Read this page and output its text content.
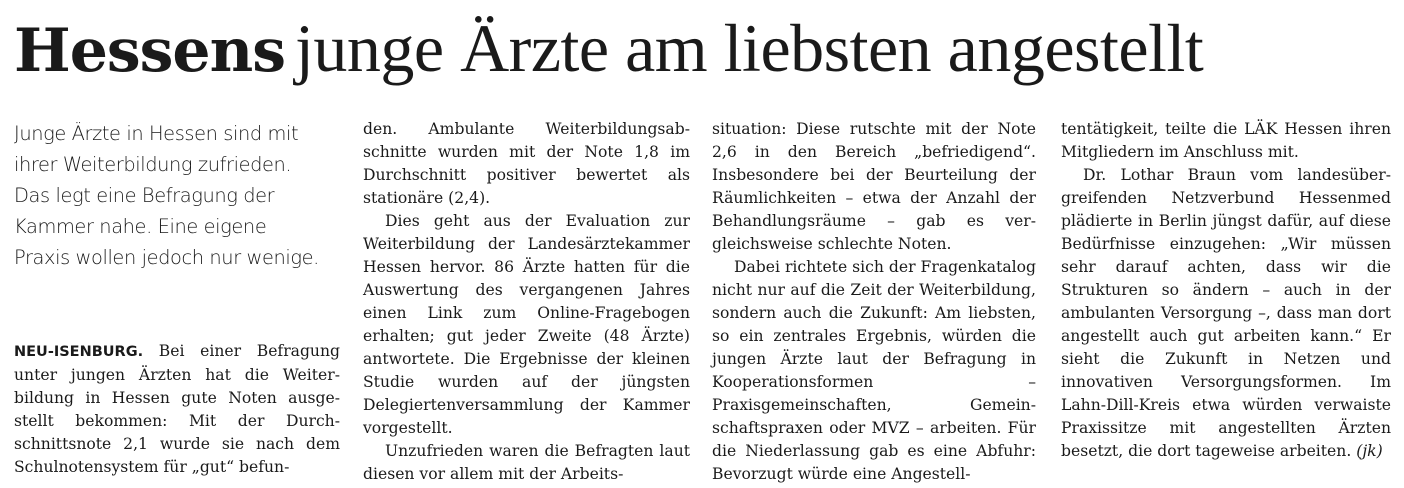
Hessens junge Ärzte am liebsten angestellt

Junge Ärzte in Hessen sind mit ihrer Weiterbildung zufrieden. Das legt eine Befragung der Kammer nahe. Eine eigene Praxis wollen jedoch nur wenige.

NEU-ISENBURG. Bei einer Befragung unter jungen Ärzten hat die Weiterbildung in Hessen gute Noten ausgestellt bekommen: Mit der Durchschnittsnote 2,1 wurde sie nach dem Schulnotensystem für „gut“ befun-

den. Ambulante Weiterbildungsabschnitte wurden mit der Note 1,8 im Durchschnitt positiver bewertet als stationäre (2,4).

Dies geht aus der Evaluation zur Weiterbildung der Landesärztekammer Hessen hervor. 86 Ärzte hatten für die Auswertung des vergangenen Jahres einen Link zum Online-Fragebogen erhalten; gut jeder Zweite (48 Ärzte) antwortete. Die Ergebnisse der kleinen Studie wurden auf der jüngsten Delegiertenversammlung der Kammer vorgestellt.

Unzufrieden waren die Befragten laut diesen vor allem mit der Arbeits-

situation: Diese rutschte mit der Note 2,6 in den Bereich „befriedigend“. Insbesondere bei der Beurteilung der Räumlichkeiten – etwa der Anzahl der Behandlungsräume – gab es vergleichsweise schlechte Noten.

Dabei richtete sich der Fragenkatalog nicht nur auf die Zeit der Weiterbildung, sondern auch die Zukunft: Am liebsten, so ein zentrales Ergebnis, würden die jungen Ärzte laut der Befragung in Kooperationsformen – Praxisgemeinschaften, Gemeinschaftspraxen oder MVZ – arbeiten. Für die Niederlassung gab es eine Abfuhr: Bevorzugt würde eine Angestell-

tentätigkeit, teilte die LÄK Hessen ihren Mitgliedern im Anschluss mit.

Dr. Lothar Braun vom landesübergreifenden Netzverbund Hessenmed plädierte in Berlin jüngst dafür, auf diese Bedürfnisse einzugehen: „Wir müssen sehr darauf achten, dass wir die Strukturen so ändern – auch in der ambulanten Versorgung –, dass man dort angestellt auch gut arbeiten kann.“ Er sieht die Zukunft in Netzen und innovativen Versorgungsformen. Im Lahn-Dill-Kreis etwa würden verwaiste Praxissitze mit angestellten Ärzten besetzt, die dort tageweise arbeiten. (jk)
